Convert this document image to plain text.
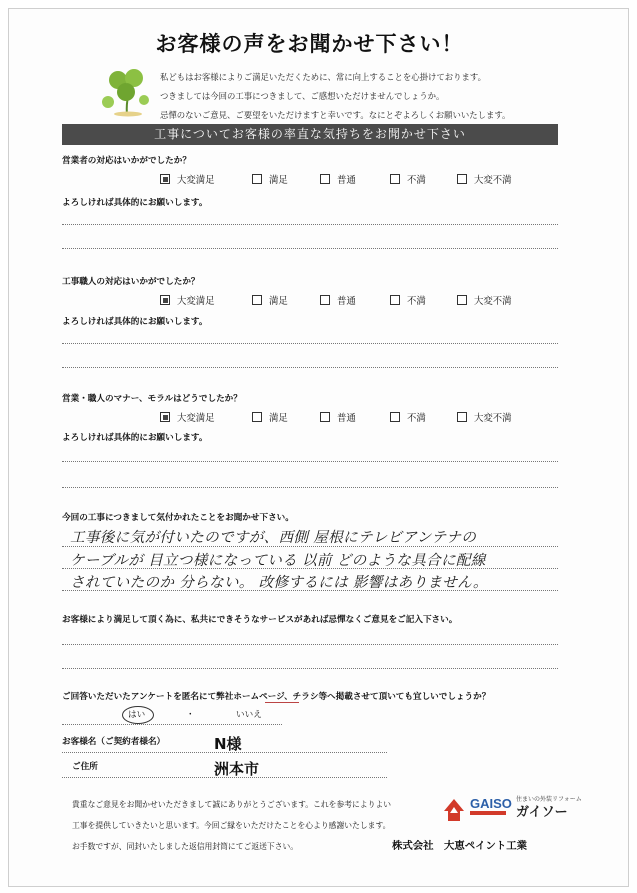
お客様の声をお聞かせ下さい！
私どもはお客様によりご満足いただくために、常に向上することを心掛けております。
つきましては今回の工事につきまして、ご感想いただけませんでしょうか。
忌憚のないご意見、ご要望をいただけますと幸いです。なにとぞよろしくお願いいたします。
工事についてお客様の率直な気持ちをお聞かせ下さい
営業者の対応はいかがでしたか？
大変満足	満足	普通	不満	大変不満
よろしければ具体的にお願いします。
工事職人の対応はいかがでしたか？
大変満足	満足	普通	不満	大変不満
よろしければ具体的にお願いします。
営業・職人のマナー、モラルはどうでしたか？
大変満足	満足	普通	不満	大変不満
よろしければ具体的にお願いします。
今回の工事につきまして気付かれたことをお聞かせ下さい。
工事後に気が付いたのですが、西側 屋根にテレビアンテナの
ケーブルが 目立つ様になっている 以前 どのような具合に配線
されていたのか 分らない。 改修するには 影響はありません。
お客様により満足して頂く為に、私共にできそうなサービスがあれば忌憚なくご意見をご記入下さい。
ご回答いただいたアンケートを匿名にて弊社ホームページ、チラシ等へ掲載させて頂いても宜しいでしょうか？
はい	・	いいえ
お客様名（ご契約者様名）	N様
ご住所	洲本市
貴重なご意見をお聞かせいただきまして誠にありがとうございます。これを参考によりよい
工事を提供していきたいと思います。今回ご縁をいただけたことを心より感謝いたします。
お手数ですが、同封いたしました返信用封筒にてご返送下さい。
GAISO 住まいの外装リフォーム
ガイソー
株式会社　大恵ペイント工業
